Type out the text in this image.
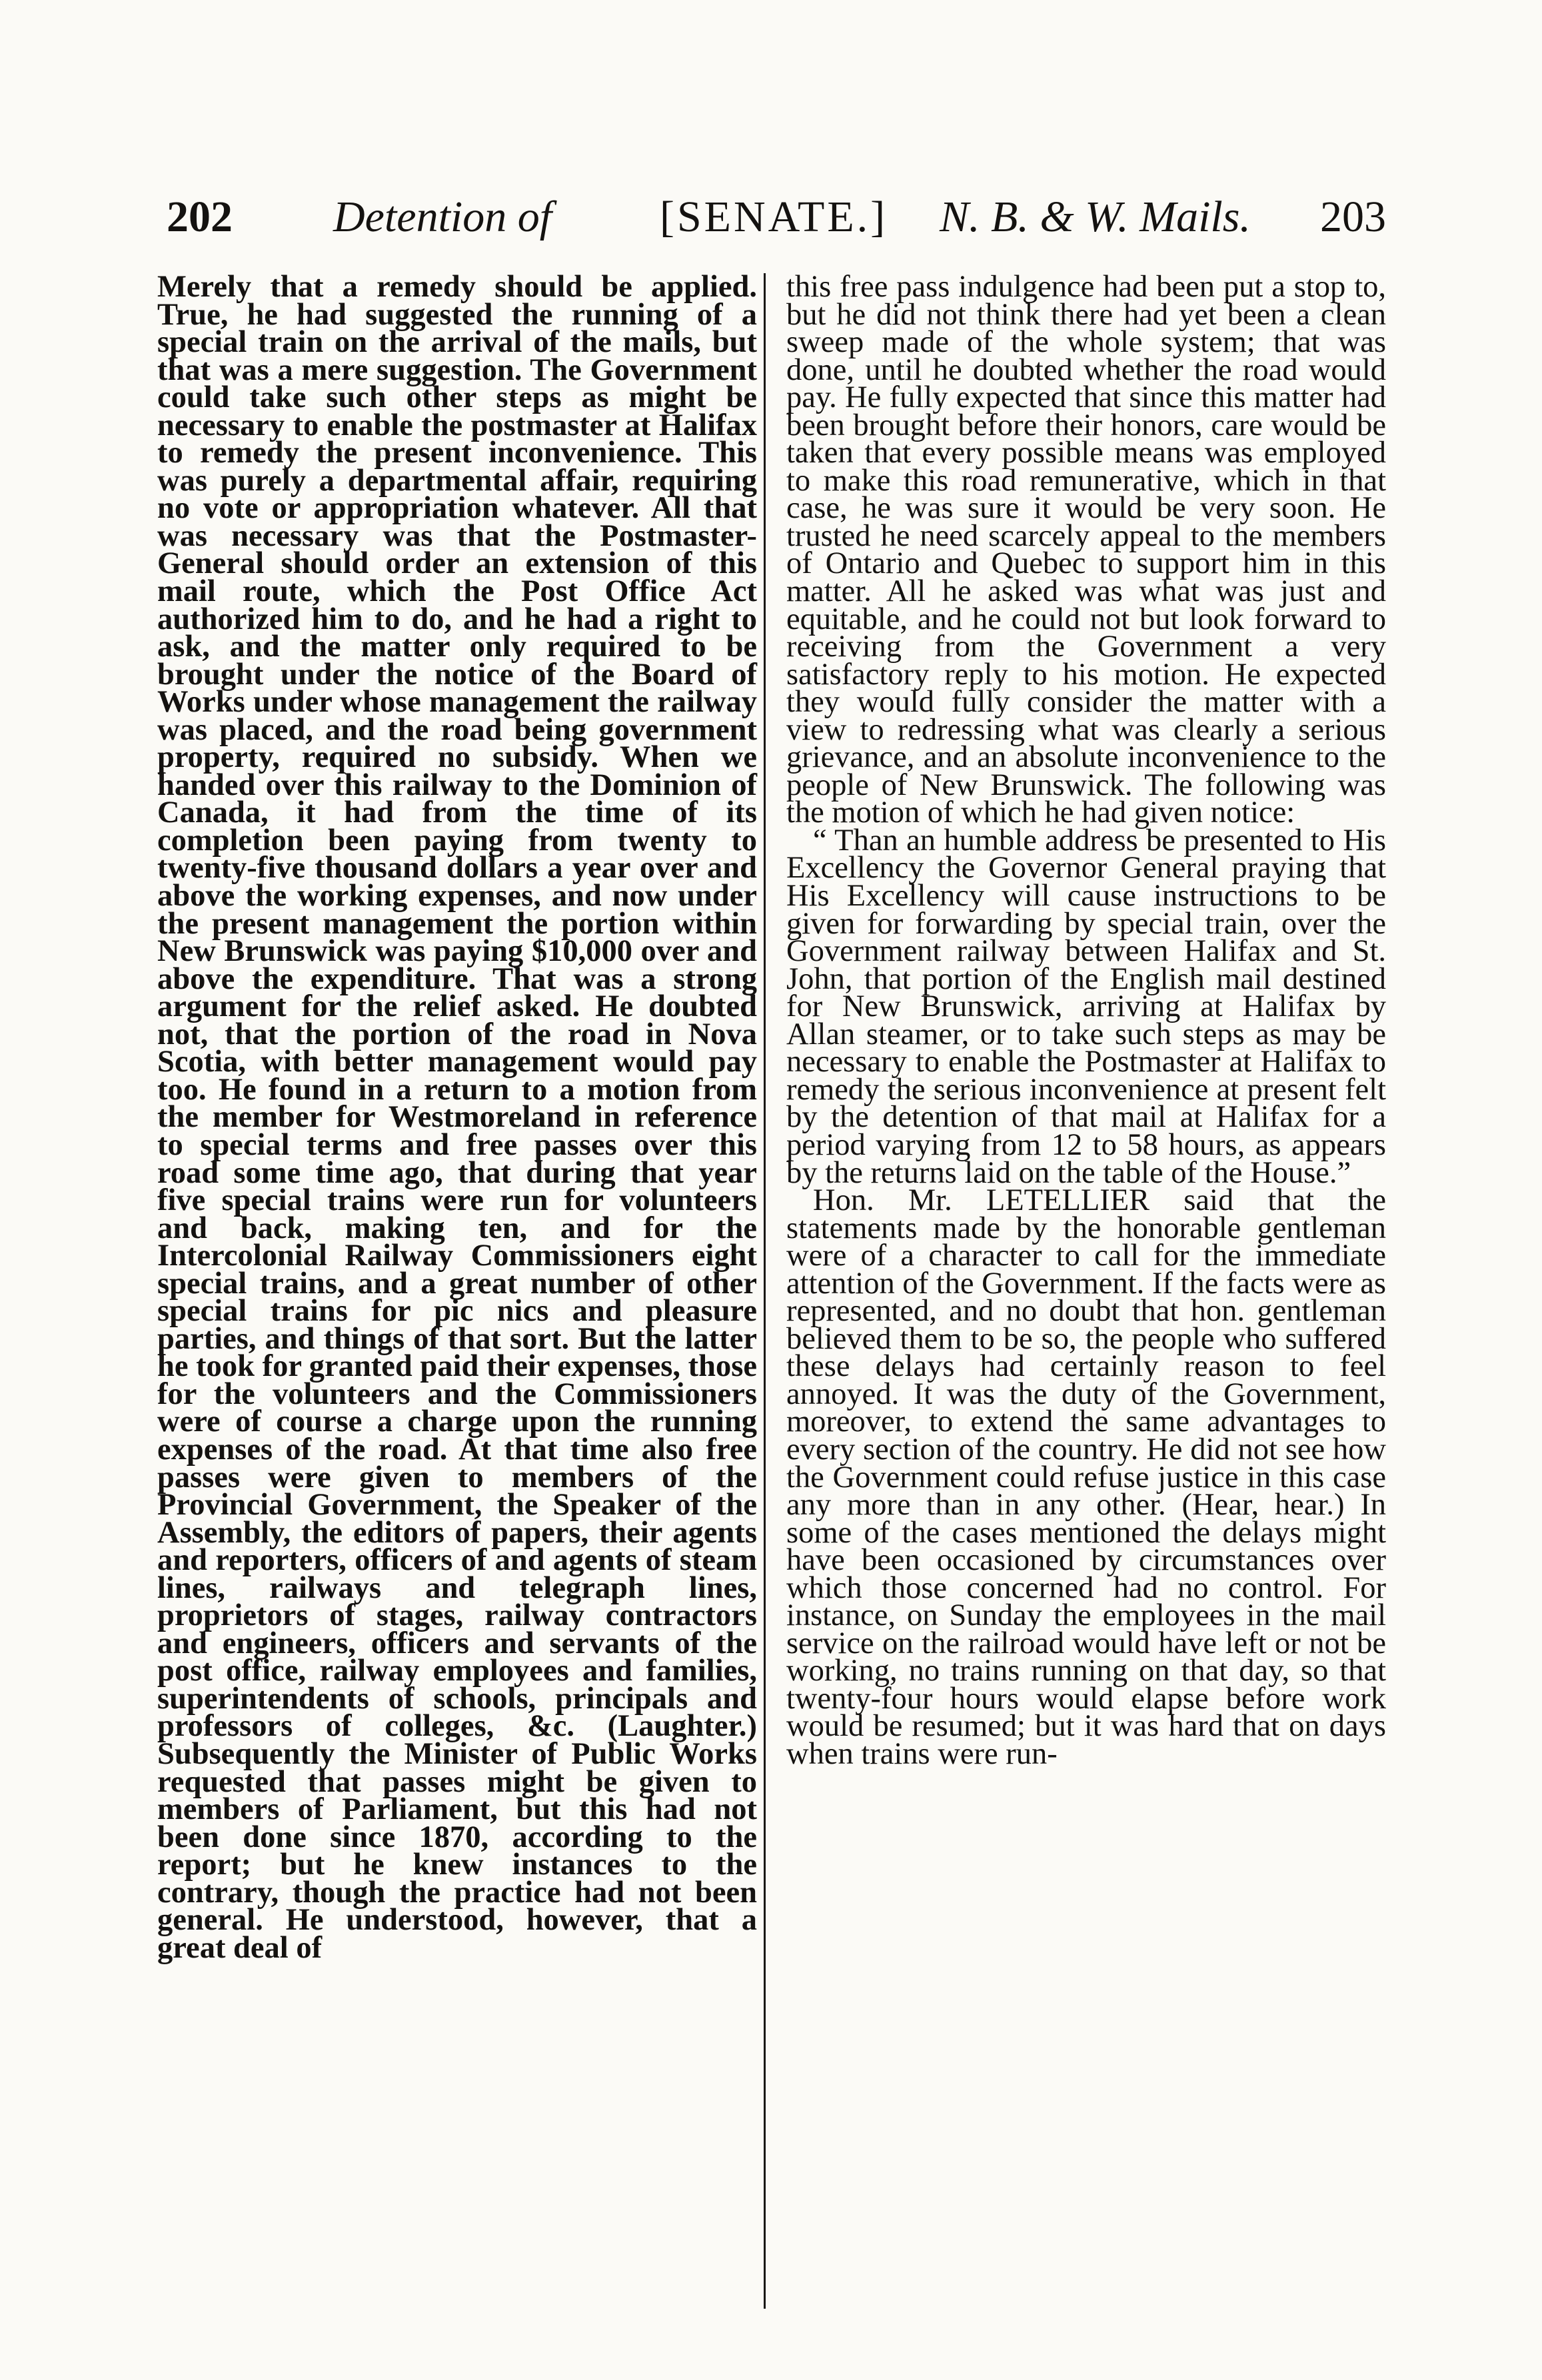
202 Detention of [SENATE.] N. B. & W. Mails. 203

Merely that a remedy should be applied. True, he had suggested the running of a special train on the arrival of the mails, but that was a mere suggestion. The Government could take such other steps as might be necessary to enable the postmaster at Halifax to remedy the present inconvenience. This was purely a departmental affair, requiring no vote or appropriation whatever. All that was necessary was that the Postmaster-General should order an extension of this mail route, which the Post Office Act authorized him to do, and he had a right to ask, and the matter only required to be brought under the notice of the Board of Works under whose management the railway was placed, and the road being government property, required no subsidy. When we handed over this railway to the Dominion of Canada, it had from the time of its completion been paying from twenty to twenty-five thousand dollars a year over and above the working expenses, and now under the present management the portion within New Brunswick was paying $10,000 over and above the expenditure. That was a strong argument for the relief asked. He doubted not, that the portion of the road in Nova Scotia, with better management would pay too. He found in a return to a motion from the member for Westmoreland in reference to special terms and free passes over this road some time ago, that during that year five special trains were run for volunteers and back, making ten, and for the Intercolonial Railway Commissioners eight special trains, and a great number of other special trains for pic nics and pleasure parties, and things of that sort. But the latter he took for granted paid their expenses, those for the volunteers and the Commissioners were of course a charge upon the running expenses of the road. At that time also free passes were given to members of the Provincial Government, the Speaker of the Assembly, the editors of papers, their agents and reporters, officers of and agents of steam lines, railways and telegraph lines, proprietors of stages, railway contractors and engineers, officers and servants of the post office, railway employees and families, superintendents of schools, principals and professors of colleges, &c. (Laughter.) Subsequently the Minister of Public Works requested that passes might be given to members of Parliament, but this had not been done since 1870, according to the report; but he knew instances to the contrary, though the practice had not been general. He understood, however, that a great deal of

this free pass indulgence had been put a stop to, but he did not think there had yet been a clean sweep made of the whole system; that was done, until he doubted whether the road would pay. He fully expected that since this matter had been brought before their honors, care would be taken that every possible means was employed to make this road remunerative, which in that case, he was sure it would be very soon. He trusted he need scarcely appeal to the members of Ontario and Quebec to support him in this matter. All he asked was what was just and equitable, and he could not but look forward to receiving from the Government a very satisfactory reply to his motion. He expected they would fully consider the matter with a view to redressing what was clearly a serious grievance, and an absolute inconvenience to the people of New Brunswick. The following was the motion of which he had given notice:

“ Than an humble address be presented to His Excellency the Governor General praying that His Excellency will cause instructions to be given for forwarding by special train, over the Government railway between Halifax and St. John, that portion of the English mail destined for New Brunswick, arriving at Halifax by Allan steamer, or to take such steps as may be necessary to enable the Postmaster at Halifax to remedy the serious inconvenience at present felt by the detention of that mail at Halifax for a period varying from 12 to 58 hours, as appears by the returns laid on the table of the House.”

Hon. Mr. LETELLIER said that the statements made by the honorable gentleman were of a character to call for the immediate attention of the Government. If the facts were as represented, and no doubt that hon. gentleman believed them to be so, the people who suffered these delays had certainly reason to feel annoyed. It was the duty of the Government, moreover, to extend the same advantages to every section of the country. He did not see how the Government could refuse justice in this case any more than in any other. (Hear, hear.) In some of the cases mentioned the delays might have been occasioned by circumstances over which those concerned had no control. For instance, on Sunday the employees in the mail service on the railroad would have left or not be working, no trains running on that day, so that twenty-four hours would elapse before work would be resumed; but it was hard that on days when trains were run-
